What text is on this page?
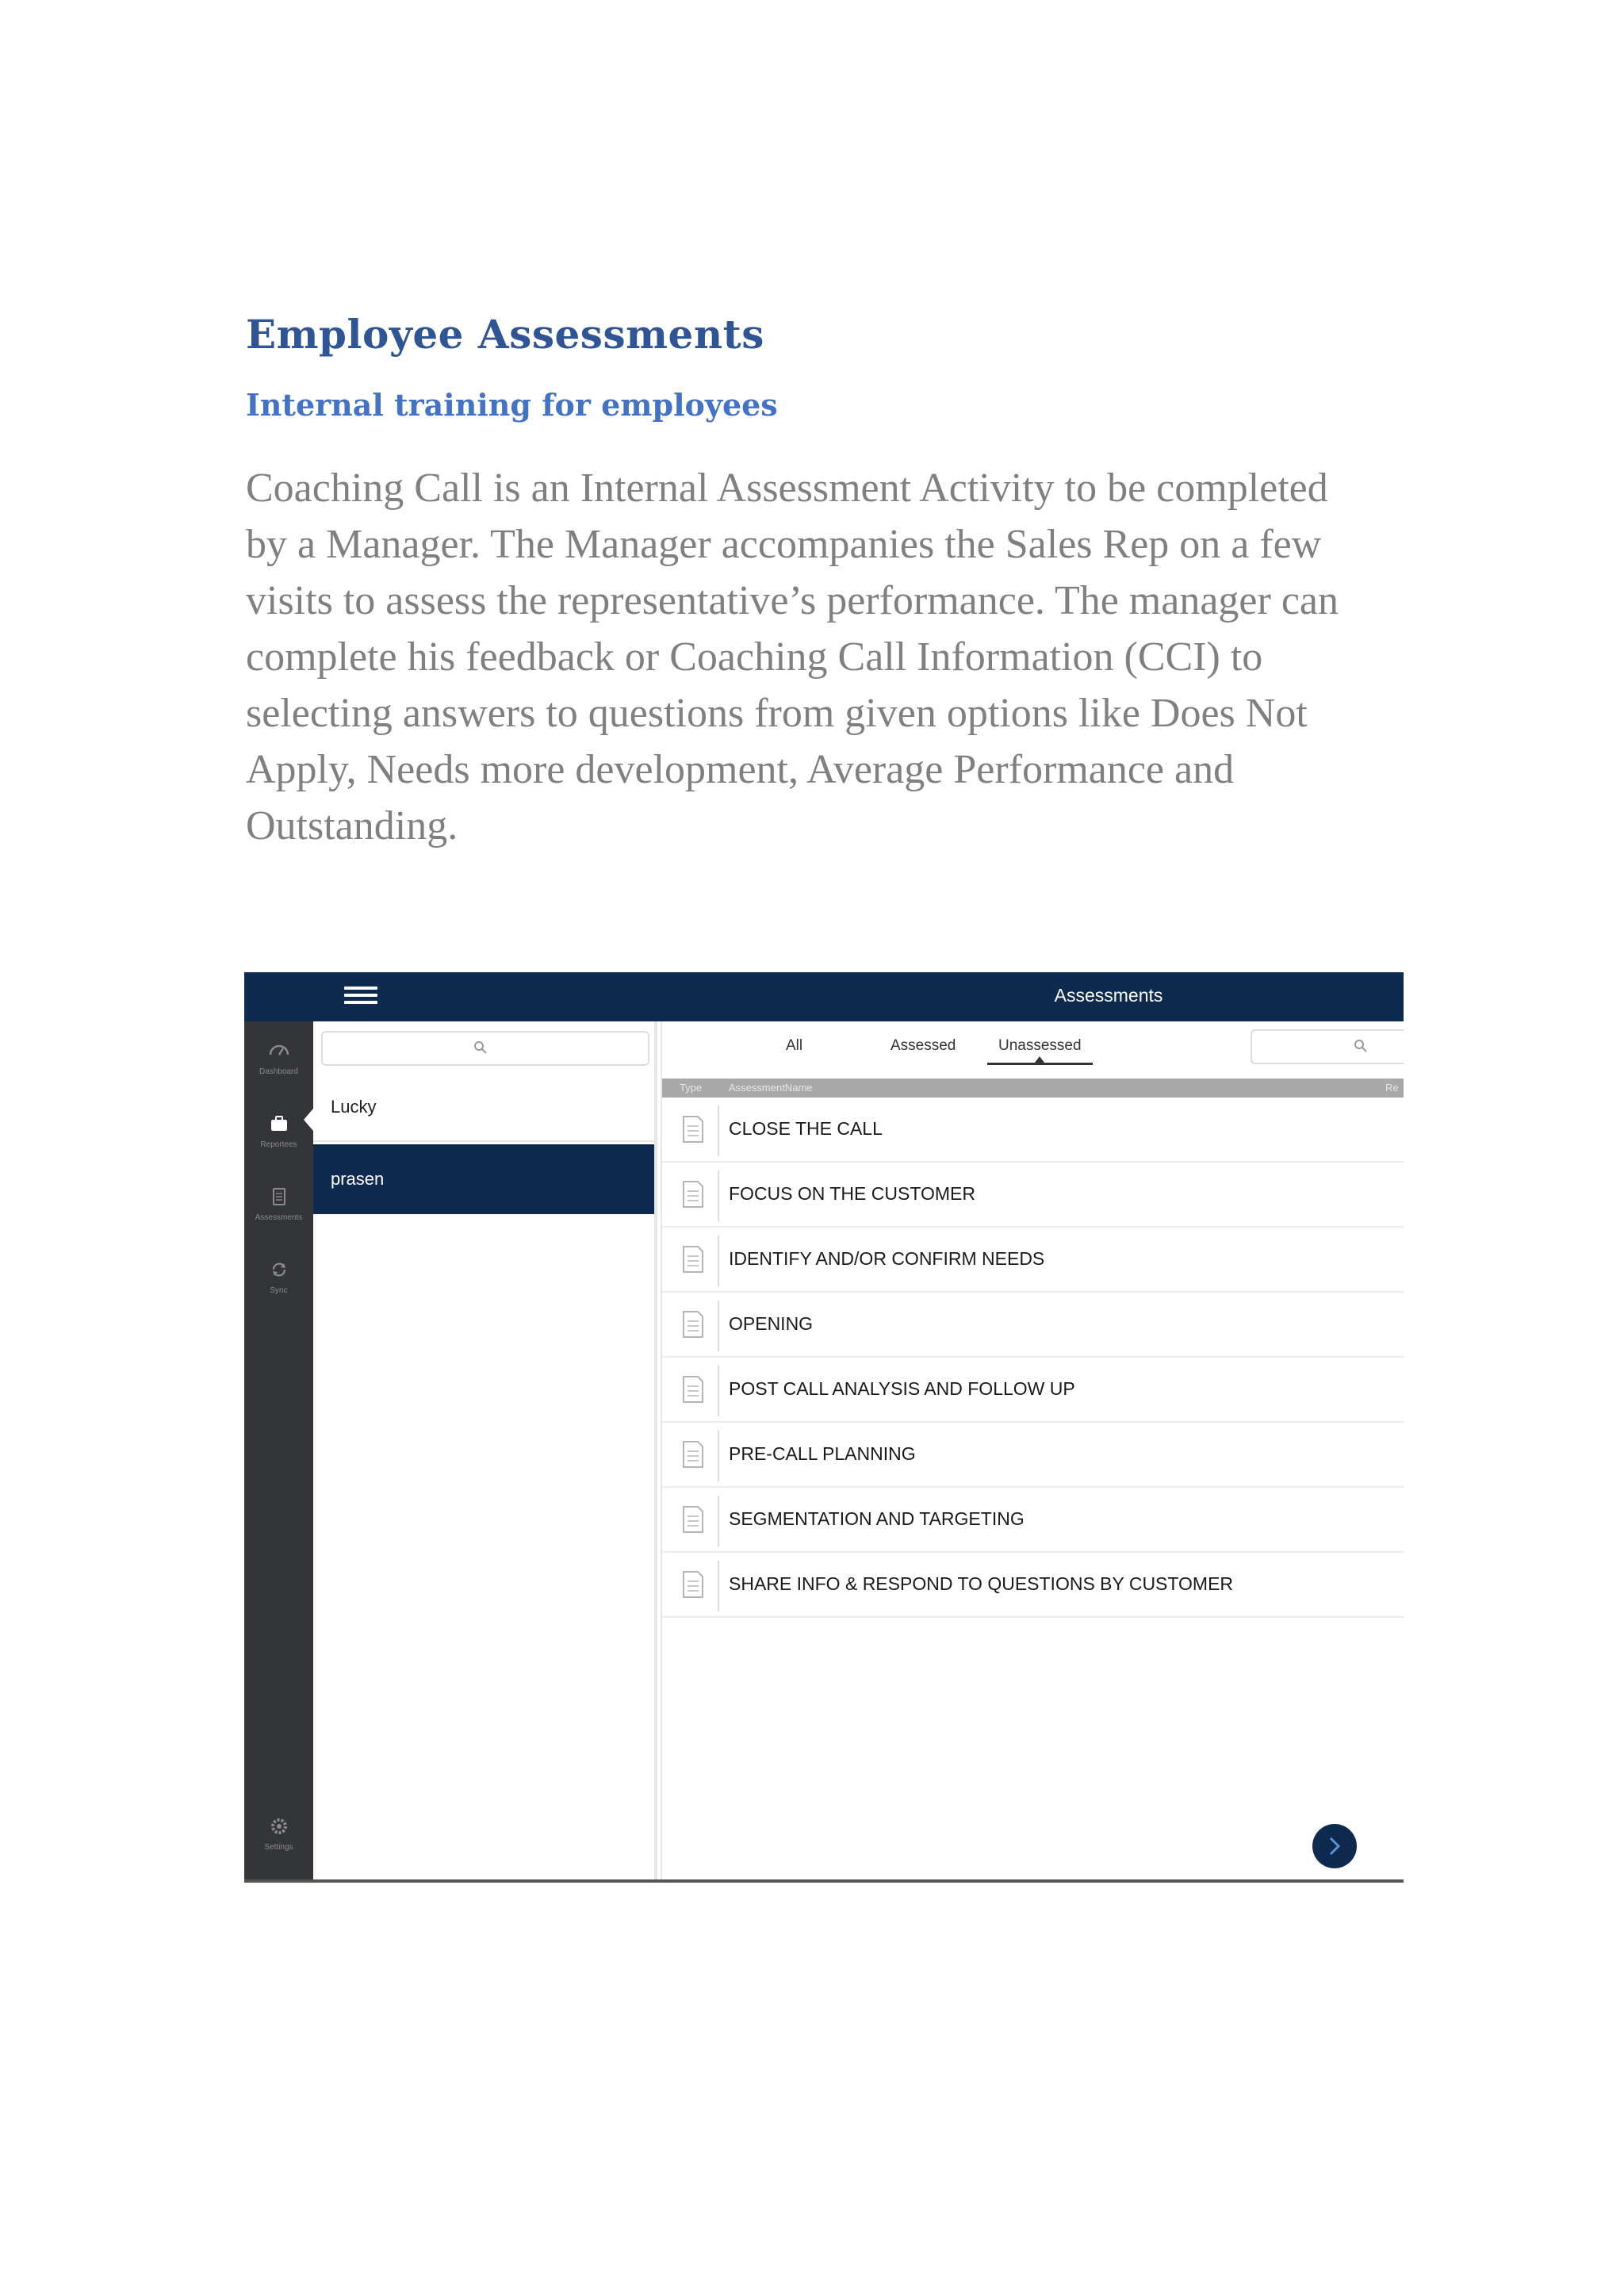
Employee Assessments
Internal training for employees

Coaching Call is an Internal Assessment Activity to be completed by a Manager. The Manager accompanies the Sales Rep on a few visits to assess the representative’s performance. The manager can complete his feedback or Coaching Call Information (CCI) to selecting answers to questions from given options like Does Not Apply, Needs more development, Average Performance and Outstanding.

Assessments
Dashboard
Reportees
Assessments
Sync
Settings
Lucky
prasen
All	Assessed	Unassessed
Type	AssessmentName	Re
CLOSE THE CALL
FOCUS ON THE CUSTOMER
IDENTIFY AND/OR CONFIRM NEEDS
OPENING
POST CALL ANALYSIS AND FOLLOW UP
PRE-CALL PLANNING
SEGMENTATION AND TARGETING
SHARE INFO & RESPOND TO QUESTIONS BY CUSTOMER
